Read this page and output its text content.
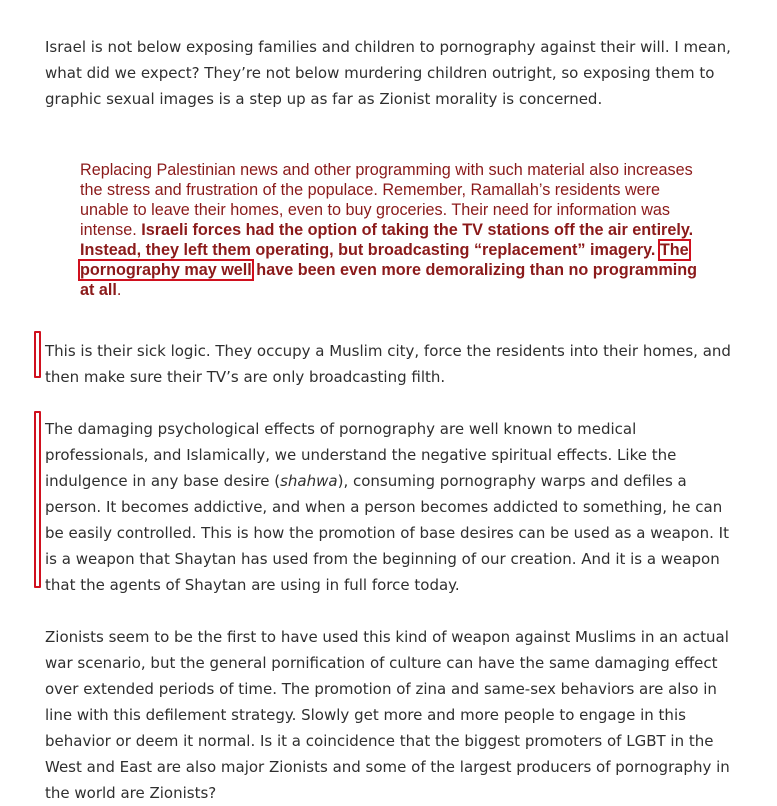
Israel is not below exposing families and children to pornography against their will. I mean, what did we expect? They’re not below murdering children outright, so exposing them to graphic sexual images is a step up as far as Zionist morality is concerned.

Replacing Palestinian news and other programming with such material also increases the stress and frustration of the populace. Remember, Ramallah’s residents were unable to leave their homes, even to buy groceries. Their need for information was intense. Israeli forces had the option of taking the TV stations off the air entirely. Instead, they left them operating, but broadcasting “replacement” imagery. The pornography may well have been even more demoralizing than no programming at all.

This is their sick logic. They occupy a Muslim city, force the residents into their homes, and then make sure their TV’s are only broadcasting filth.

The damaging psychological effects of pornography are well known to medical professionals, and Islamically, we understand the negative spiritual effects. Like the indulgence in any base desire (shahwa), consuming pornography warps and defiles a person. It becomes addictive, and when a person becomes addicted to something, he can be easily controlled. This is how the promotion of base desires can be used as a weapon. It is a weapon that Shaytan has used from the beginning of our creation. And it is a weapon that the agents of Shaytan are using in full force today.

Zionists seem to be the first to have used this kind of weapon against Muslims in an actual war scenario, but the general pornification of culture can have the same damaging effect over extended periods of time. The promotion of zina and same-sex behaviors are also in line with this defilement strategy. Slowly get more and more people to engage in this behavior or deem it normal. Is it a coincidence that the biggest promoters of LGBT in the West and East are also major Zionists and some of the largest producers of pornography in the world are Zionists?
